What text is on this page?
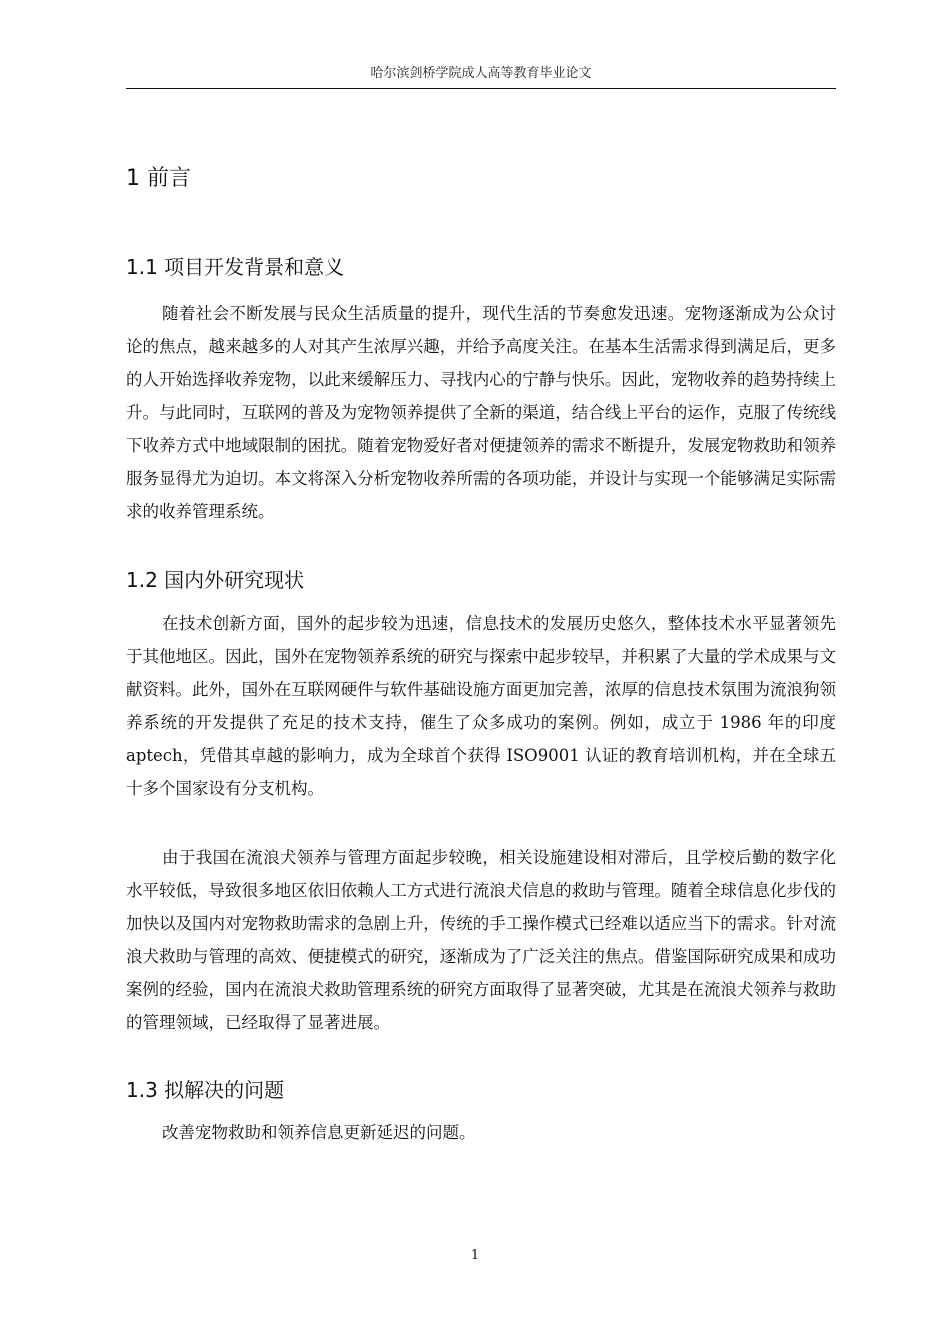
哈尔滨剑桥学院成人高等教育毕业论文
1 前言
1.1 项目开发背景和意义

随着社会不断发展与民众生活质量的提升，现代生活的节奏愈发迅速。宠物逐渐成为公众讨论的焦点，越来越多的人对其产生浓厚兴趣，并给予高度关注。在基本生活需求得到满足后，更多的人开始选择收养宠物，以此来缓解压力、寻找内心的宁静与快乐。因此，宠物收养的趋势持续上升。与此同时，互联网的普及为宠物领养提供了全新的渠道，结合线上平台的运作，克服了传统线下收养方式中地域限制的困扰。随着宠物爱好者对便捷领养的需求不断提升，发展宠物救助和领养服务显得尤为迫切。本文将深入分析宠物收养所需的各项功能，并设计与实现一个能够满足实际需求的收养管理系统。

1.2 国内外研究现状

在技术创新方面，国外的起步较为迅速，信息技术的发展历史悠久，整体技术水平显著领先于其他地区。因此，国外在宠物领养系统的研究与探索中起步较早，并积累了大量的学术成果与文献资料。此外，国外在互联网硬件与软件基础设施方面更加完善，浓厚的信息技术氛围为流浪狗领养系统的开发提供了充足的技术支持，催生了众多成功的案例。例如，成立于 1986 年的印度 aptech，凭借其卓越的影响力，成为全球首个获得 ISO9001 认证的教育培训机构，并在全球五十多个国家设有分支机构。

由于我国在流浪犬领养与管理方面起步较晚，相关设施建设相对滞后，且学校后勤的数字化水平较低，导致很多地区依旧依赖人工方式进行流浪犬信息的救助与管理。随着全球信息化步伐的加快以及国内对宠物救助需求的急剧上升，传统的手工操作模式已经难以适应当下的需求。针对流浪犬救助与管理的高效、便捷模式的研究，逐渐成为了广泛关注的焦点。借鉴国际研究成果和成功案例的经验，国内在流浪犬救助管理系统的研究方面取得了显著突破，尤其是在流浪犬领养与救助的管理领域，已经取得了显著进展。

1.3 拟解决的问题

改善宠物救助和领养信息更新延迟的问题。

1
